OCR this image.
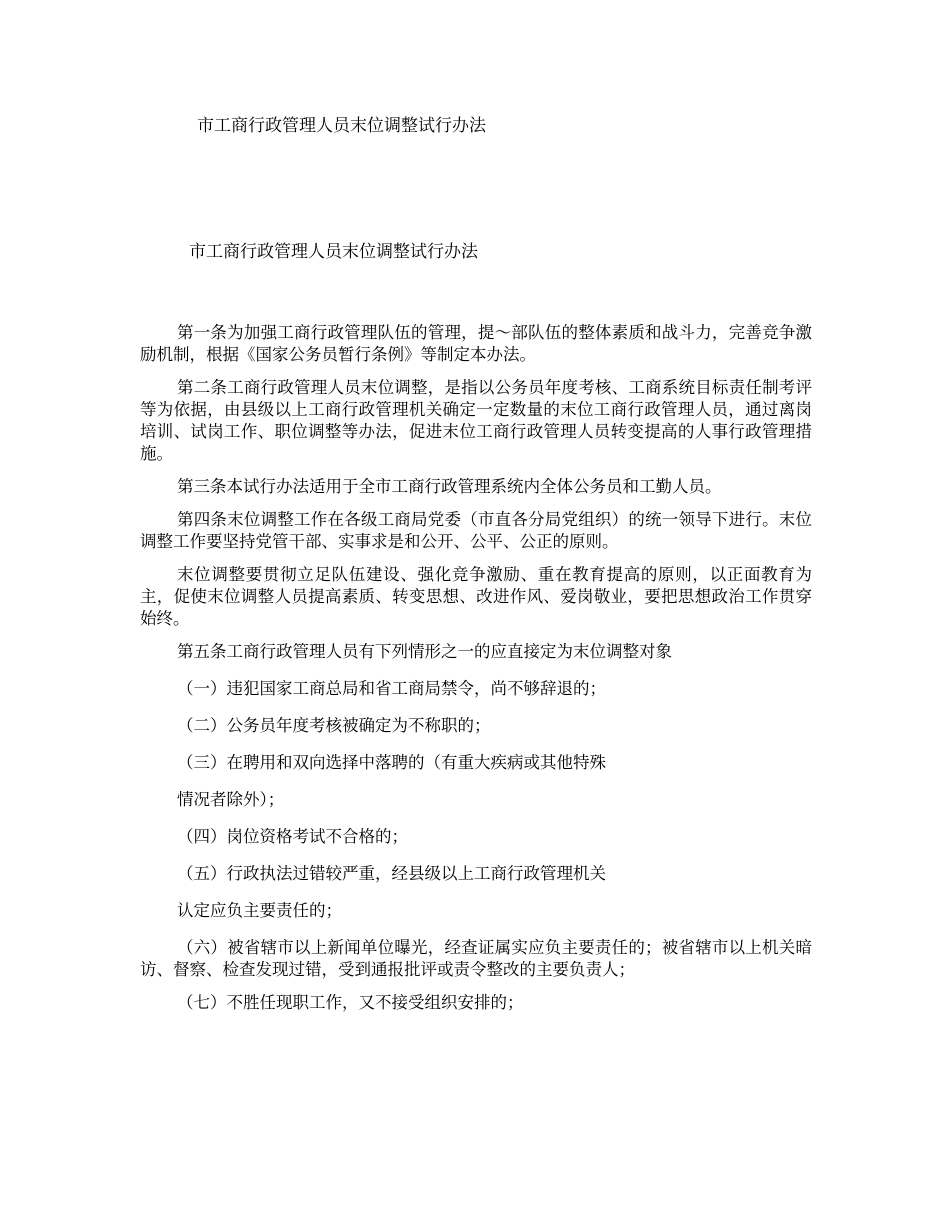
市工商行政管理人员末位调整试行办法
市工商行政管理人员末位调整试行办法

第一条为加强工商行政管理队伍的管理，提～部队伍的整体素质和战斗力，完善竞争激励机制，根据《国家公务员暂行条例》等制定本办法。

第二条工商行政管理人员末位调整，是指以公务员年度考核、工商系统目标责任制考评等为依据，由县级以上工商行政管理机关确定一定数量的末位工商行政管理人员，通过离岗培训、试岗工作、职位调整等办法，促进末位工商行政管理人员转变提高的人事行政管理措施。

第三条本试行办法适用于全市工商行政管理系统内全体公务员和工勤人员。

第四条末位调整工作在各级工商局党委（市直各分局党组织）的统一领导下进行。末位调整工作要坚持党管干部、实事求是和公开、公平、公正的原则。

末位调整要贯彻立足队伍建设、强化竞争激励、重在教育提高的原则，以正面教育为主，促使末位调整人员提高素质、转变思想、改进作风、爱岗敬业，要把思想政治工作贯穿始终。

第五条工商行政管理人员有下列情形之一的应直接定为末位调整对象

（一）违犯国家工商总局和省工商局禁令，尚不够辞退的；

（二）公务员年度考核被确定为不称职的；

（三）在聘用和双向选择中落聘的（有重大疾病或其他特殊

情况者除外）；

（四）岗位资格考试不合格的；

（五）行政执法过错较严重，经县级以上工商行政管理机关

认定应负主要责任的；

（六）被省辖市以上新闻单位曝光，经查证属实应负主要责任的；被省辖市以上机关暗访、督察、检查发现过错，受到通报批评或责令整改的主要负责人；

（七）不胜任现职工作，又不接受组织安排的；
